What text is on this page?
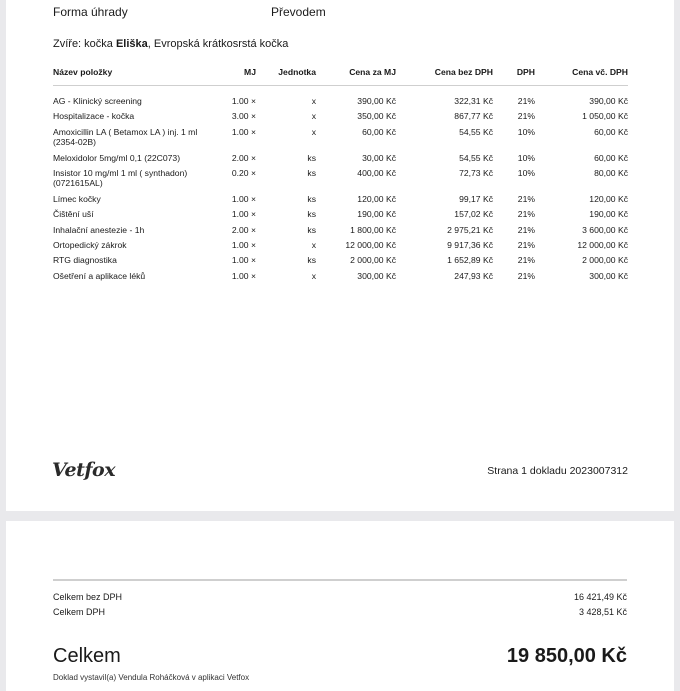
Forma úhrady	Převodem
Zvíře: kočka Eliška, Evropská krátkosrstá kočka
Název položky	MJ	Jednotka	Cena za MJ	Cena bez DPH	DPH	Cena vč. DPH
AG - Klinický screening	1.00 ×	x	390,00 Kč	322,31 Kč	21%	390,00 Kč
Hospitalizace - kočka	3.00 ×	x	350,00 Kč	867,77 Kč	21%	1 050,00 Kč
Amoxicillin LA ( Betamox LA ) inj. 1 ml (2354-02B)	1.00 ×	x	60,00 Kč	54,55 Kč	10%	60,00 Kč
Meloxidolor 5mg/ml 0,1 (22C073)	2.00 ×	ks	30,00 Kč	54,55 Kč	10%	60,00 Kč
Insistor 10 mg/ml 1 ml ( synthadon) (0721615AL)	0.20 ×	ks	400,00 Kč	72,73 Kč	10%	80,00 Kč
Límec kočky	1.00 ×	ks	120,00 Kč	99,17 Kč	21%	120,00 Kč
Čištění uší	1.00 ×	ks	190,00 Kč	157,02 Kč	21%	190,00 Kč
Inhalační anestezie - 1h	2.00 ×	ks	1 800,00 Kč	2 975,21 Kč	21%	3 600,00 Kč
Ortopedický zákrok	1.00 ×	x	12 000,00 Kč	9 917,36 Kč	21%	12 000,00 Kč
RTG diagnostika	1.00 ×	ks	2 000,00 Kč	1 652,89 Kč	21%	2 000,00 Kč
Ošetření a aplikace léků	1.00 ×	x	300,00 Kč	247,93 Kč	21%	300,00 Kč
Vetfox	Strana 1 dokladu 2023007312
Celkem bez DPH	16 421,49 Kč
Celkem DPH	3 428,51 Kč
Celkem	19 850,00 Kč
Doklad vystavil(a) Vendula Roháčková v aplikaci Vetfox
